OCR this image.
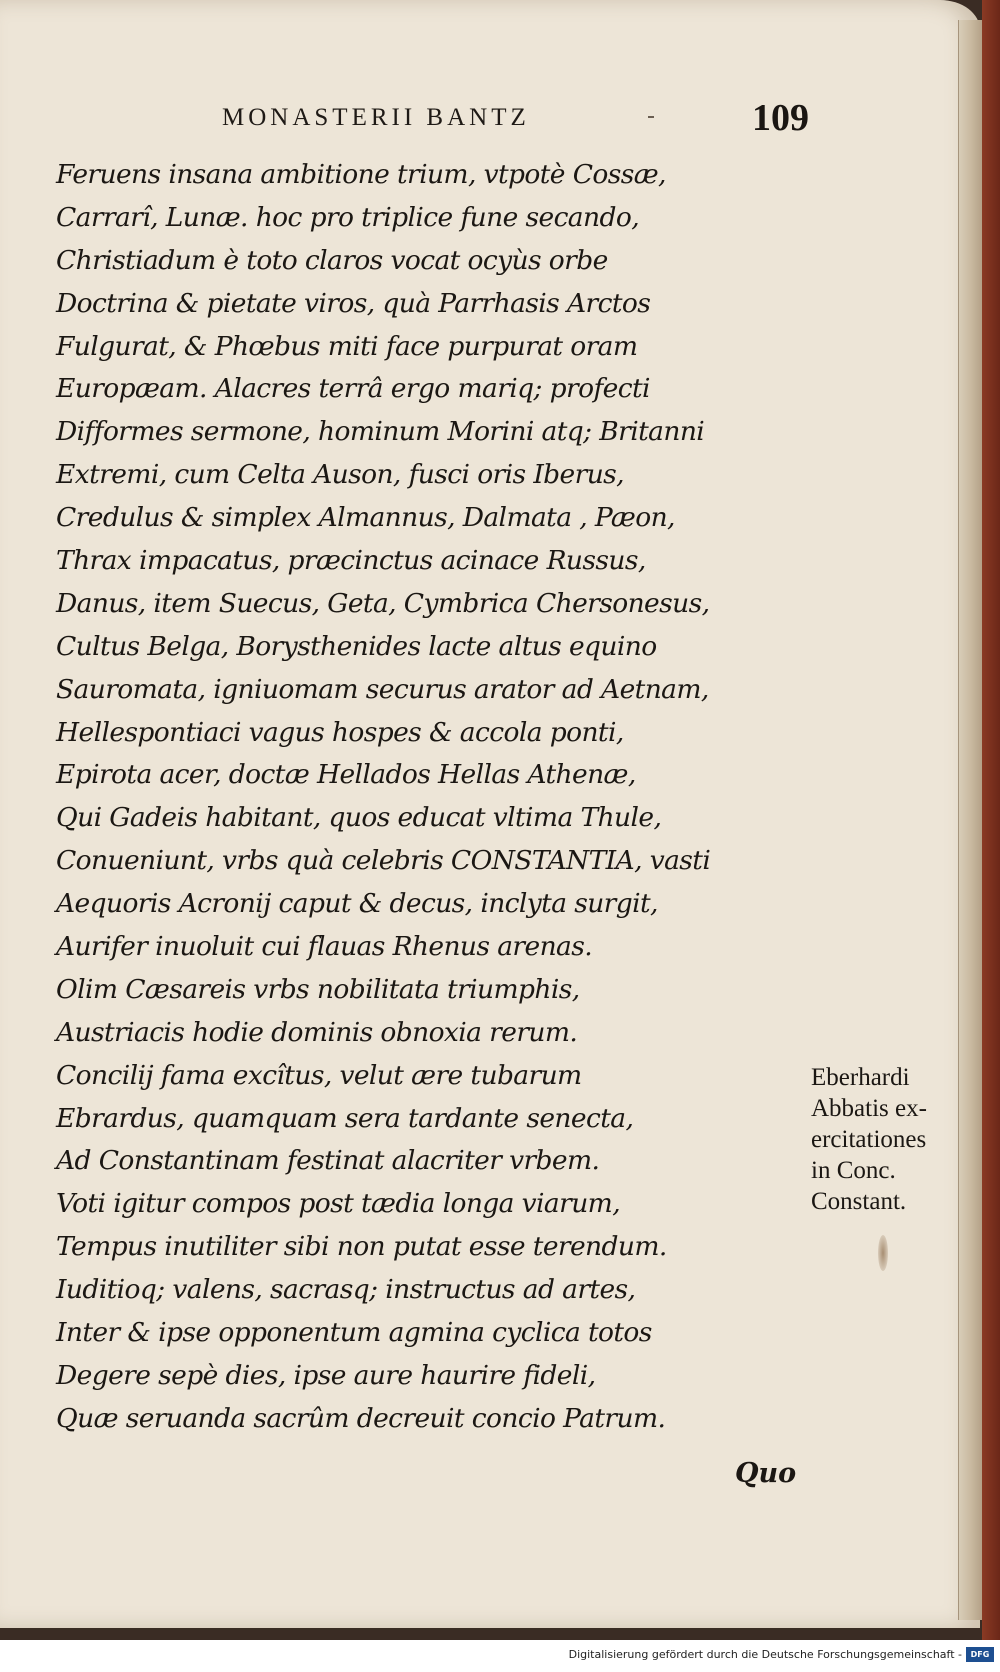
MONASTERII BANTZ	109
Feruens insana ambitione trium, vtpotè Cossæ,
Carrarî, Lunæ. hoc pro triplice fune secando,
Christiadum è toto claros vocat ocyùs orbe
Doctrina & pietate viros, quà Parrhasis Arctos
Fulgurat, & Phœbus miti face purpurat oram
Europæam. Alacres terrâ ergo mariq; profecti
Difformes sermone, hominum Morini atq; Britanni
Extremi, cum Celta Auson, fusci oris Iberus,
Credulus & simplex Almannus, Dalmata , Pæon,
Thrax impacatus, præcinctus acinace Russus,
Danus, item Suecus, Geta, Cymbrica Chersonesus,
Cultus Belga, Borysthenides lacte altus equino
Sauromata, igniuomam securus arator ad Aetnam,
Hellespontiaci vagus hospes & accola ponti,
Epirota acer, doctæ Hellados Hellas Athenæ,
Qui Gadeis habitant, quos educat vltima Thule,
Conueniunt, vrbs quà celebris CONSTANTIA, vasti
Aequoris Acronij caput & decus, inclyta surgit,
Aurifer inuoluit cui flauas Rhenus arenas.
Olim Cæsareis vrbs nobilitata triumphis,
Austriacis hodie dominis obnoxia rerum.
Concilij fama excîtus, velut ære tubarum
Ebrardus, quamquam sera tardante senecta,
Ad Constantinam festinat alacriter vrbem.
Voti igitur compos post tædia longa viarum,
Tempus inutiliter sibi non putat esse terendum.
Iuditioq; valens, sacrasq; instructus ad artes,
Inter & ipse opponentum agmina cyclica totos
Degere sepè dies, ipse aure haurire fideli,
Quæ seruanda sacrûm decreuit concio Patrum.
Eberhardi
Abbatis ex-
ercitationes
in Conc.
Constant.
Quo
Digitalisierung gefördert durch die Deutsche Forschungsgemeinschaft -	DFG
